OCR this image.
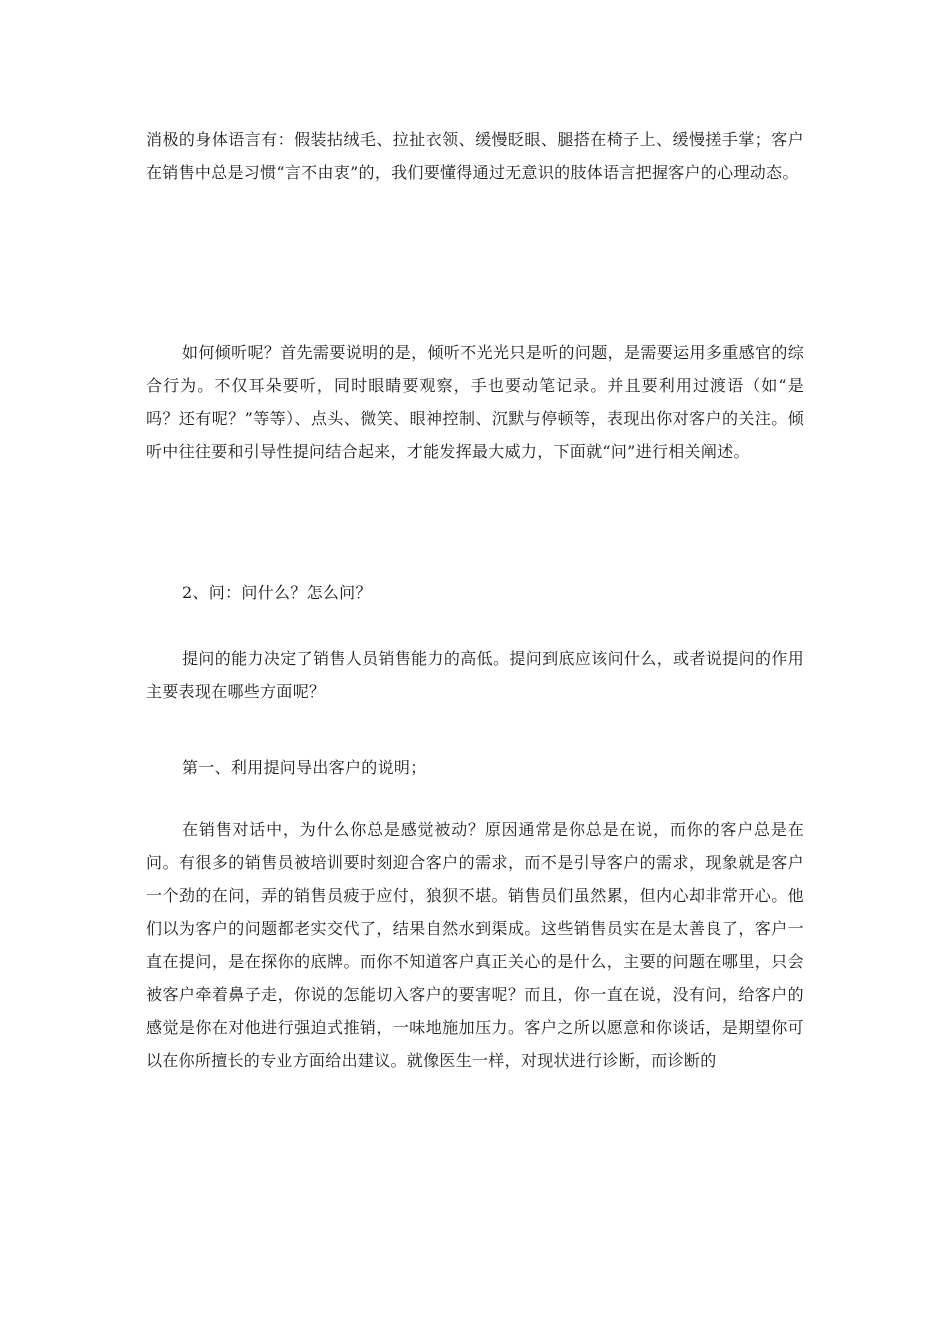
消极的身体语言有：假装拈绒毛、拉扯衣领、缓慢眨眼、腿搭在椅子上、缓慢搓手掌；客户在销售中总是习惯“言不由衷”的，我们要懂得通过无意识的肢体语言把握客户的心理动态。

如何倾听呢？首先需要说明的是，倾听不光光只是听的问题，是需要运用多重感官的综合行为。不仅耳朵要听，同时眼睛要观察，手也要动笔记录。并且要利用过渡语（如“是吗？还有呢？”等等）、点头、微笑、眼神控制、沉默与停顿等，表现出你对客户的关注。倾听中往往要和引导性提问结合起来，才能发挥最大威力，下面就“问”进行相关阐述。

2、问：问什么？怎么问？

提问的能力决定了销售人员销售能力的高低。提问到底应该问什么，或者说提问的作用主要表现在哪些方面呢？

第一、利用提问导出客户的说明；

在销售对话中，为什么你总是感觉被动？原因通常是你总是在说，而你的客户总是在问。有很多的销售员被培训要时刻迎合客户的需求，而不是引导客户的需求，现象就是客户一个劲的在问，弄的销售员疲于应付，狼狈不堪。销售员们虽然累，但内心却非常开心。他们以为客户的问题都老实交代了，结果自然水到渠成。这些销售员实在是太善良了，客户一直在提问，是在探你的底牌。而你不知道客户真正关心的是什么，主要的问题在哪里，只会被客户牵着鼻子走，你说的怎能切入客户的要害呢？而且，你一直在说，没有问，给客户的感觉是你在对他进行强迫式推销，一味地施加压力。客户之所以愿意和你谈话，是期望你可以在你所擅长的专业方面给出建议。就像医生一样，对现状进行诊断，而诊断的
